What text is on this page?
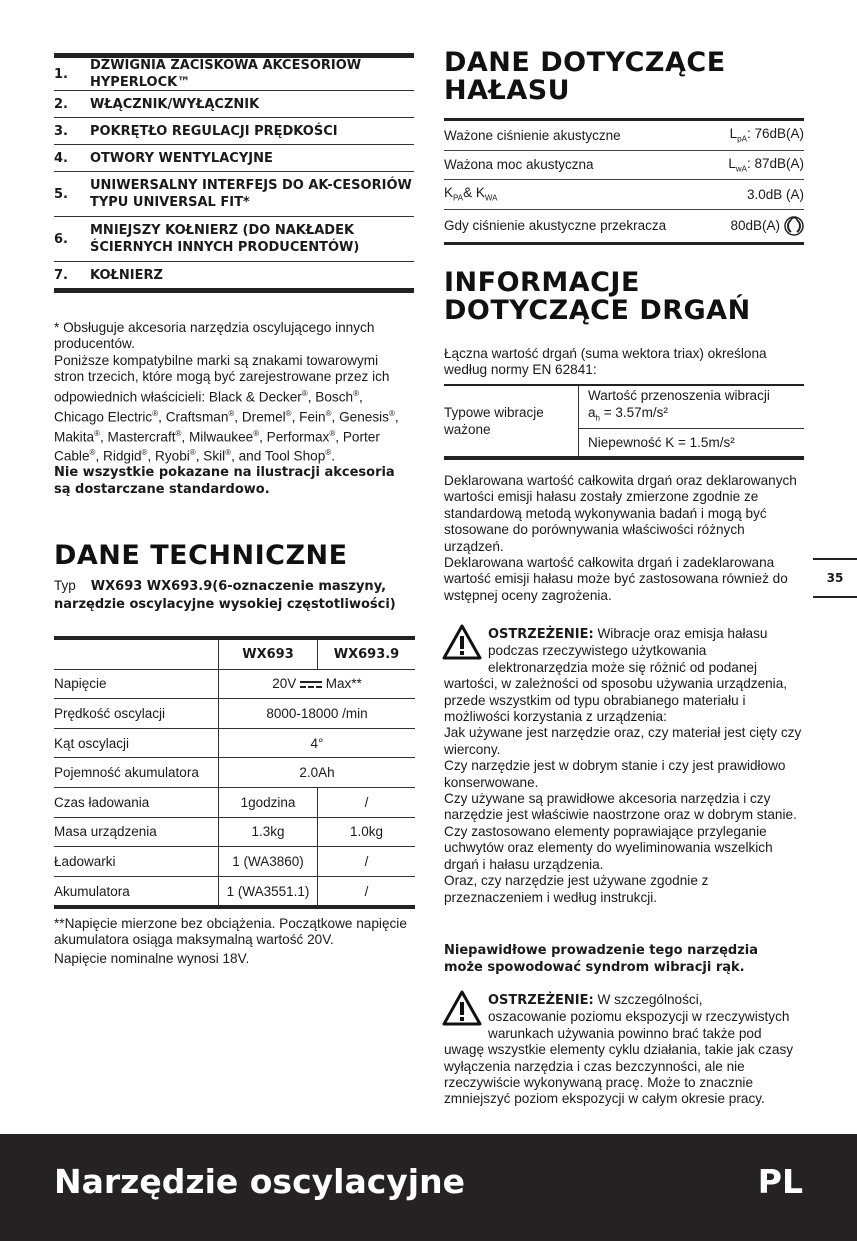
1.
DŹWIGNIA ZACISKOWA AKCESORIÓW HYPERLOCK™
2.	WŁĄCZNIK/WYŁĄCZNIK
3.	POKRĘTŁO REGULACJI PRĘDKOŚCI
4.	OTWORY WENTYLACYJNE
5.
UNIWERSALNY INTERFEJS DO AK-CESORIÓW TYPU UNIVERSAL FIT*
6.
MNIEJSZY KOŁNIERZ (DO NAKŁADEK ŚCIERNYCH INNYCH PRODUCENTÓW)
7.	KOŁNIERZ
* Obsługuje akcesoria narzędzia oscylującego innych producentów.
Poniższe kompatybilne marki są znakami towarowymi stron trzecich, które mogą być zarejestrowane przez ich odpowiednich właścicieli: Black & Decker®, Bosch®, Chicago Electric®, Craftsman®, Dremel®, Fein®, Genesis®, Makita®, Mastercraft®, Milwaukee®, Performax®, Porter Cable®, Ridgid®, Ryobi®, Skil®, and Tool Shop®.
Nie wszystkie pokazane na ilustracji akcesoria są dostarczane standardowo.
DANE TECHNICZNE
Typ WX693 WX693.9(6-oznaczenie maszyny, narzędzie oscylacyjne wysokiej częstotliwości)
	WX693	WX693.9
Napięcie	20V Max**	
Prędkość oscylacji	8000-18000 /min	
Kąt oscylacji	4°	
Pojemność akumulatora	2.0Ah	
Czas ładowania	1godzina	/
Masa urządzenia	1.3kg	1.0kg
Ładowarki	1 (WA3860)	/
Akumulatora	1 (WA3551.1)	/
**Napięcie mierzone bez obciążenia. Początkowe napięcie akumulatora osiąga maksymalną wartość 20V.
Napięcie nominalne wynosi 18V.
DANE DOTYCZĄCE
HAŁASU
Ważone ciśnienie akustyczne	$L_{pA}$: 76dB(A)
Ważona moc akustyczna	$L_{wA}$: 87dB(A)
$K_{PA}\&$ $K_{WA}$	3.0dB (A)
Gdy ciśnienie akustyczne przekracza	80dB(A)
INFORMACJE
DOTYCZĄCE DRGAŃ
Łączna wartość drgań (suma wektora triax) określona według normy EN 62841:
Typowe wibracje ważone	
Wartość przenoszenia wibracji
$a_h = 3.57m/s^2$

Niepewność K = 1.5m/s²
Deklarowana wartość całkowita drgań oraz deklarowanych wartości emisji hałasu zostały zmierzone zgodnie ze standardową metodą wykonywania badań i mogą być stosowane do porównywania właściwości różnych urządzeń.
Deklarowana wartość całkowita drgań i zadeklarowana wartość emisji hałasu może być zastosowana również do wstępnej oceny zagrożenia.
OSTRZEŻENIE: Wibracje oraz emisja hałasu
podczas rzeczywistego użytkowania
elektronarzędzia może się różnić od podanej
wartości, w zależności od sposobu używania urządzenia, przede wszystkim od typu obrabianego materiału i możliwości korzystania z urządzenia:
Jak używane jest narzędzie oraz, czy materiał jest cięty czy wiercony.
Czy narzędzie jest w dobrym stanie i czy jest prawidłowo konserwowane.
Czy używane są prawidłowe akcesoria narzędzia i czy narzędzie jest właściwie naostrzone oraz w dobrym stanie.
Czy zastosowano elementy poprawiające przyleganie uchwytów oraz elementy do wyeliminowania wszelkich drgań i hałasu urządzenia.
Oraz, czy narzędzie jest używane zgodnie z przeznaczeniem i według instrukcji.
Niepawidłowe prowadzenie tego narzędzia może spowodować syndrom wibracji rąk.
OSTRZEŻENIE: W szczególności,
oszacowanie poziomu ekspozycji w rzeczywistych
warunkach używania powinno brać także pod
uwagę wszystkie elementy cyklu działania, takie jak czasy wyłączenia narzędzia i czas bezczynności, ale nie rzeczywiście wykonywaną pracę. Może to znacznie zmniejszyć poziom ekspozycji w całym okresie pracy.
35
Narzędzie oscylacyjne	PL
